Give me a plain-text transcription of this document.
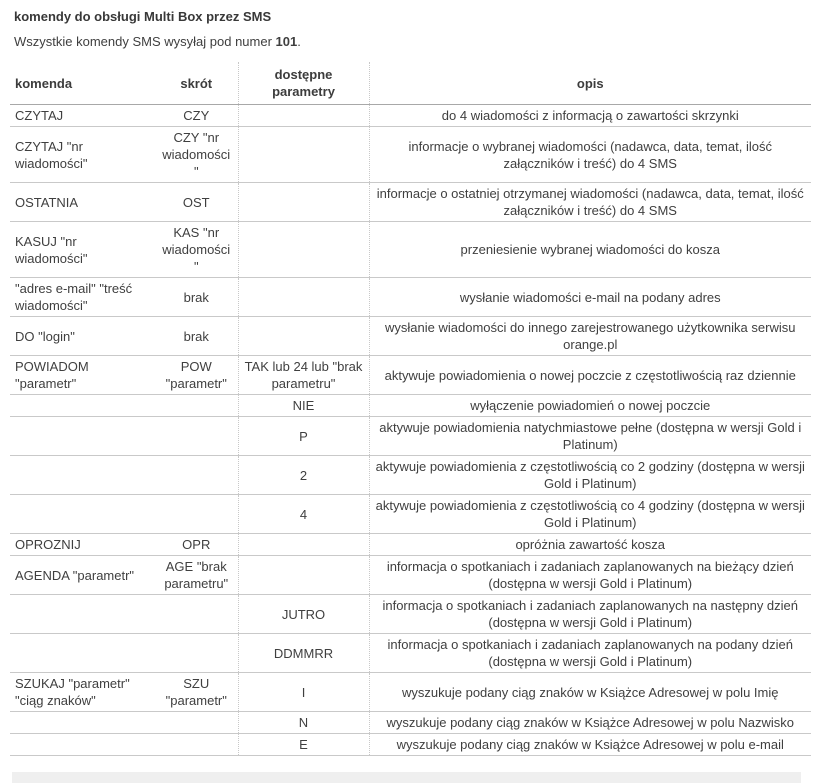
komendy do obsługi Multi Box przez SMS

Wszystkie komendy SMS wysyłaj pod numer 101.

komenda	skrót	dostępne parametry	opis
CZYTAJ	CZY		do 4 wiadomości z informacją o zawartości skrzynki
CZYTAJ "nr wiadomości"	CZY "nr wiadomości"		informacje o wybranej wiadomości (nadawca, data, temat, ilość załączników i treść) do 4 SMS
OSTATNIA	OST		informacje o ostatniej otrzymanej wiadomości (nadawca, data, temat, ilość załączników i treść) do 4 SMS
KASUJ "nr wiadomości"	KAS "nr wiadomości"		przeniesienie wybranej wiadomości do kosza
"adres e-mail" "treść wiadomości"	brak		wysłanie wiadomości e-mail na podany adres
DO "login"	brak		wysłanie wiadomości do innego zarejestrowanego użytkownika serwisu orange.pl
POWIADOM "parametr"	POW "parametr"	TAK lub 24 lub "brak parametru"	aktywuje powiadomienia o nowej poczcie z częstotliwością raz dziennie
		NIE	wyłączenie powiadomień o nowej poczcie
		P	aktywuje powiadomienia natychmiastowe pełne (dostępna w wersji Gold i Platinum)
		2	aktywuje powiadomienia z częstotliwością co 2 godziny (dostępna w wersji Gold i Platinum)
		4	aktywuje powiadomienia z częstotliwością co 4 godziny (dostępna w wersji Gold i Platinum)
OPROZNIJ	OPR		opróżnia zawartość kosza
AGENDA "parametr"	AGE "brak parametru"		informacja o spotkaniach i zadaniach zaplanowanych na bieżący dzień (dostępna w wersji Gold i Platinum)
		JUTRO	informacja o spotkaniach i zadaniach zaplanowanych na następny dzień (dostępna w wersji Gold i Platinum)
		DDMMRR	informacja o spotkaniach i zadaniach zaplanowanych na podany dzień (dostępna w wersji Gold i Platinum)
SZUKAJ "parametr" "ciąg znaków"	SZU "parametr"	I	wyszukuje podany ciąg znaków w Książce Adresowej w polu Imię
		N	wyszukuje podany ciąg znaków w Książce Adresowej w polu Nazwisko
		E	wyszukuje podany ciąg znaków w Książce Adresowej w polu e-mail
